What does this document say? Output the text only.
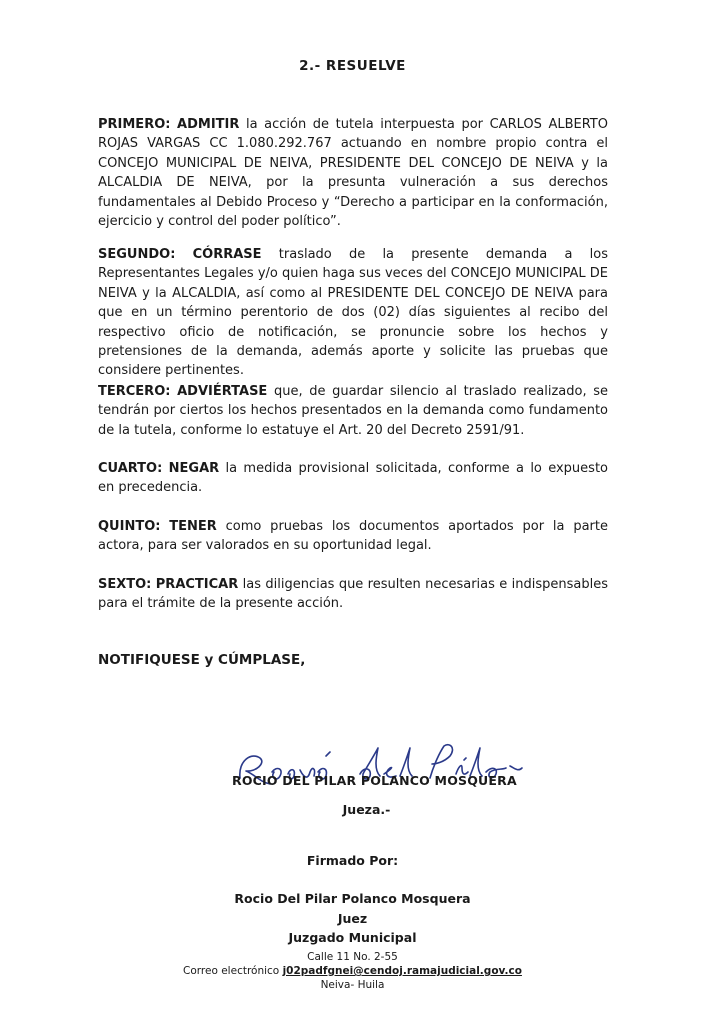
2.- RESUELVE
PRIMERO: ADMITIR la acción de tutela interpuesta por CARLOS ALBERTO ROJAS VARGAS CC 1.080.292.767 actuando en nombre propio contra el CONCEJO MUNICIPAL DE NEIVA, PRESIDENTE DEL CONCEJO DE NEIVA y la ALCALDIA DE NEIVA, por la presunta vulneración a sus derechos fundamentales al Debido Proceso y “Derecho a participar en la conformación, ejercicio y control del poder político”.
SEGUNDO: CÓRRASE traslado de la presente demanda a los Representantes Legales y/o quien haga sus veces del CONCEJO MUNICIPAL DE NEIVA y la ALCALDIA, así como al PRESIDENTE DEL CONCEJO DE NEIVA para que en un término perentorio de dos (02) días siguientes al recibo del respectivo oficio de notificación, se pronuncie sobre los hechos y pretensiones de la demanda, además aporte y solicite las pruebas que considere pertinentes.
TERCERO: ADVIÉRTASE que, de guardar silencio al traslado realizado, se tendrán por ciertos los hechos presentados en la demanda como fundamento de la tutela, conforme lo estatuye el Art. 20 del Decreto 2591/91.
CUARTO: NEGAR la medida provisional solicitada, conforme a lo expuesto en precedencia.
QUINTO: TENER como pruebas los documentos aportados por la parte actora, para ser valorados en su oportunidad legal.
SEXTO: PRACTICAR las diligencias que resulten necesarias e indispensables para el trámite de la presente acción.
NOTIFIQUESE y CÚMPLASE,
ROCIO DEL PILAR POLANCO MOSQUERA
Jueza.-
Firmado Por:
Rocio Del Pilar Polanco Mosquera
Juez
Juzgado Municipal
Calle 11 No. 2-55
Correo electrónico j02padfgnei@cendoj.ramajudicial.gov.co
Neiva- Huila
